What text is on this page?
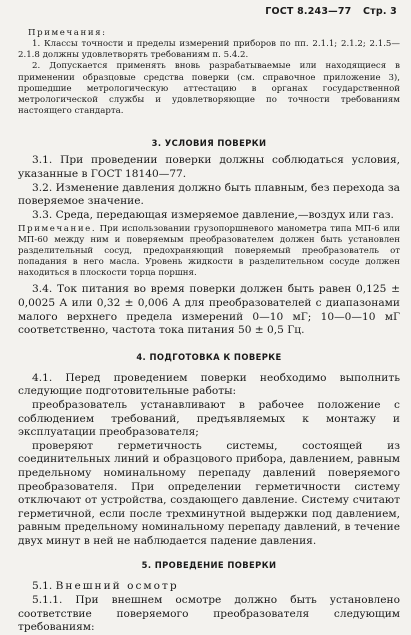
ГОСТ 8.243—77 Стр. 3
Примечания:
1. Классы точности и пределы измерений приборов по пп. 2.1.1; 2.1.2; 2.1.5— 2.1.8 должны удовлетворять требованиям п. 5.4.2.
2. Допускается применять вновь разрабатываемые или находящиеся в применении образцовые средства поверки (см. справочное приложение 3), прошедшие метрологическую аттестацию в органах государственной метрологической службы и удовлетворяющие по точности требованиям настоящего стандарта.
3. УСЛОВИЯ ПОВЕРКИ

3.1. При проведении поверки должны соблюдаться условия, указанные в ГОСТ 18140—77.

3.2. Изменение давления должно быть плавным, без перехода за поверяемое значение.

3.3. Среда, передающая измеряемое давление,—воздух или газ.

Примечание. При использовании грузопоршневого манометра типа МП-6 или МП-60 между ним и поверяемым преобразователем должен быть установлен разделительный сосуд, предохраняющий поверяемый преобразователь от попадания в него масла. Уровень жидкости в разделительном сосуде должен находиться в плоскости торца поршня.

3.4. Ток питания во время поверки должен быть равен 0,125 ± 0,0025 А или 0,32 ± 0,006 А для преобразователей с диапазонами малого верхнего предела измерений 0—10 мГ; 10—0—10 мГ соответственно, частота тока питания 50 ± 0,5 Гц.

4. ПОДГОТОВКА К ПОВЕРКЕ

4.1. Перед проведением поверки необходимо выполнить следующие подготовительные работы:

преобразователь устанавливают в рабочее положение с соблюдением требований, предъявляемых к монтажу и эксплуатации преобразователя;

проверяют герметичность системы, состоящей из соединительных линий и образцового прибора, давлением, равным предельному номинальному перепаду давлений поверяемого преобразователя. При определении герметичности систему отключают от устройства, создающего давление. Систему считают герметичной, если после трехминутной выдержки под давлением, равным предельному номинальному перепаду давлений, в течение двух минут в ней не наблюдается падение давления.

5. ПРОВЕДЕНИЕ ПОВЕРКИ

5.1. Внешний осмотр

5.1.1. При внешнем осмотре должно быть установлено соответствие поверяемого преобразователя следующим требованиям:
